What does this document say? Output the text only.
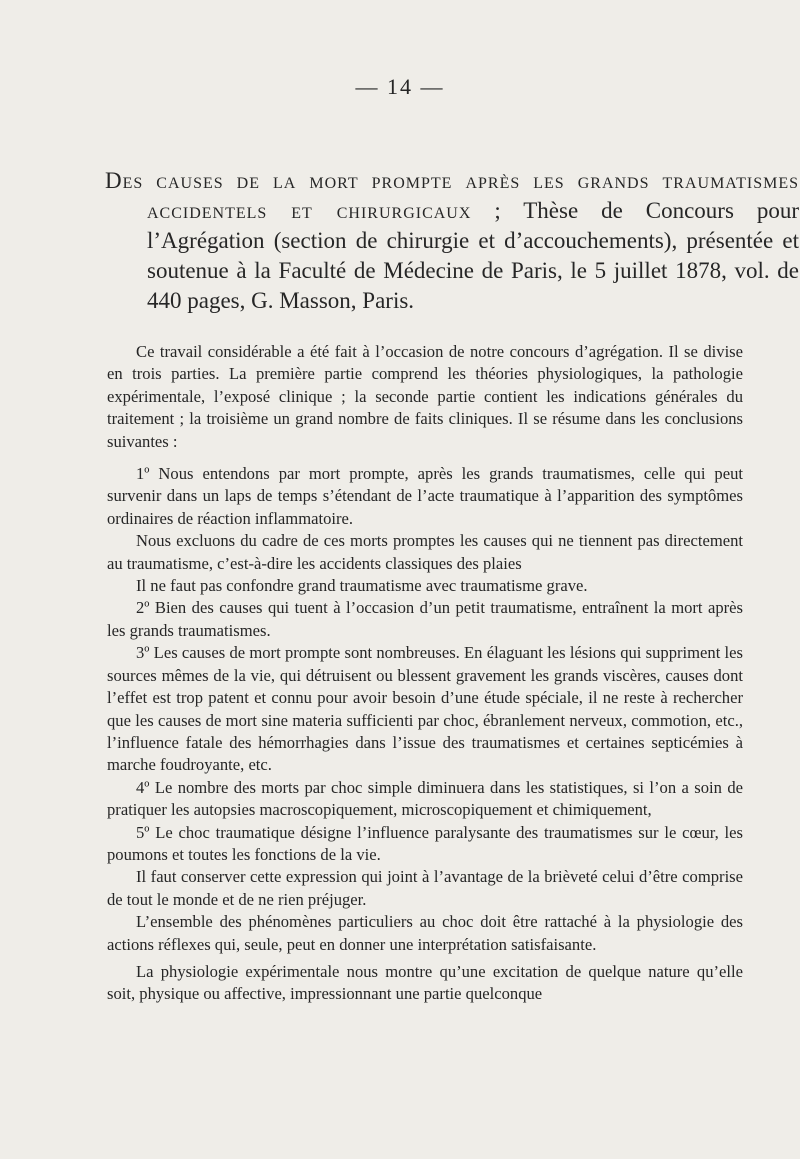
— 14 —
Des causes de la mort prompte après les grands traumatismes accidentels et chirurgicaux ; Thèse de Concours pour l’Agrégation (section de chirurgie et d’accouchements), présentée et soutenue à la Faculté de Médecine de Paris, le 5 juillet 1878, vol. de 440 pages, G. Masson, Paris.

Ce travail considérable a été fait à l’occasion de notre concours d’agrégation. Il se divise en trois parties. La première partie comprend les théories physiologiques, la pathologie expérimentale, l’exposé clinique ; la seconde partie contient les indications générales du traitement ; la troisième un grand nombre de faits cliniques. Il se résume dans les conclusions suivantes :

1º Nous entendons par mort prompte, après les grands traumatismes, celle qui peut survenir dans un laps de temps s’étendant de l’acte traumatique à l’apparition des symptômes ordinaires de réaction inflammatoire.

Nous excluons du cadre de ces morts promptes les causes qui ne tiennent pas directement au traumatisme, c’est-à-dire les accidents classiques des plaies

Il ne faut pas confondre grand traumatisme avec traumatisme grave.

2º Bien des causes qui tuent à l’occasion d’un petit traumatisme, entraînent la mort après les grands traumatismes.

3º Les causes de mort prompte sont nombreuses. En élaguant les lésions qui suppriment les sources mêmes de la vie, qui détruisent ou blessent gravement les grands viscères, causes dont l’effet est trop patent et connu pour avoir besoin d’une étude spéciale, il ne reste à rechercher que les causes de mort sine materia sufficienti par choc, ébranlement nerveux, commotion, etc., l’influence fatale des hémorrhagies dans l’issue des traumatismes et certaines septicémies à marche foudroyante, etc.

4º Le nombre des morts par choc simple diminuera dans les statistiques, si l’on a soin de pratiquer les autopsies macroscopiquement, microscopiquement et chimiquement,

5º Le choc traumatique désigne l’influence paralysante des traumatismes sur le cœur, les poumons et toutes les fonctions de la vie.

Il faut conserver cette expression qui joint à l’avantage de la brièveté celui d’être comprise de tout le monde et de ne rien préjuger.

L’ensemble des phénomènes particuliers au choc doit être rattaché à la physiologie des actions réflexes qui, seule, peut en donner une interprétation satisfaisante.

La physiologie expérimentale nous montre qu’une excitation de quelque nature qu’elle soit, physique ou affective, impressionnant une partie quelconque
